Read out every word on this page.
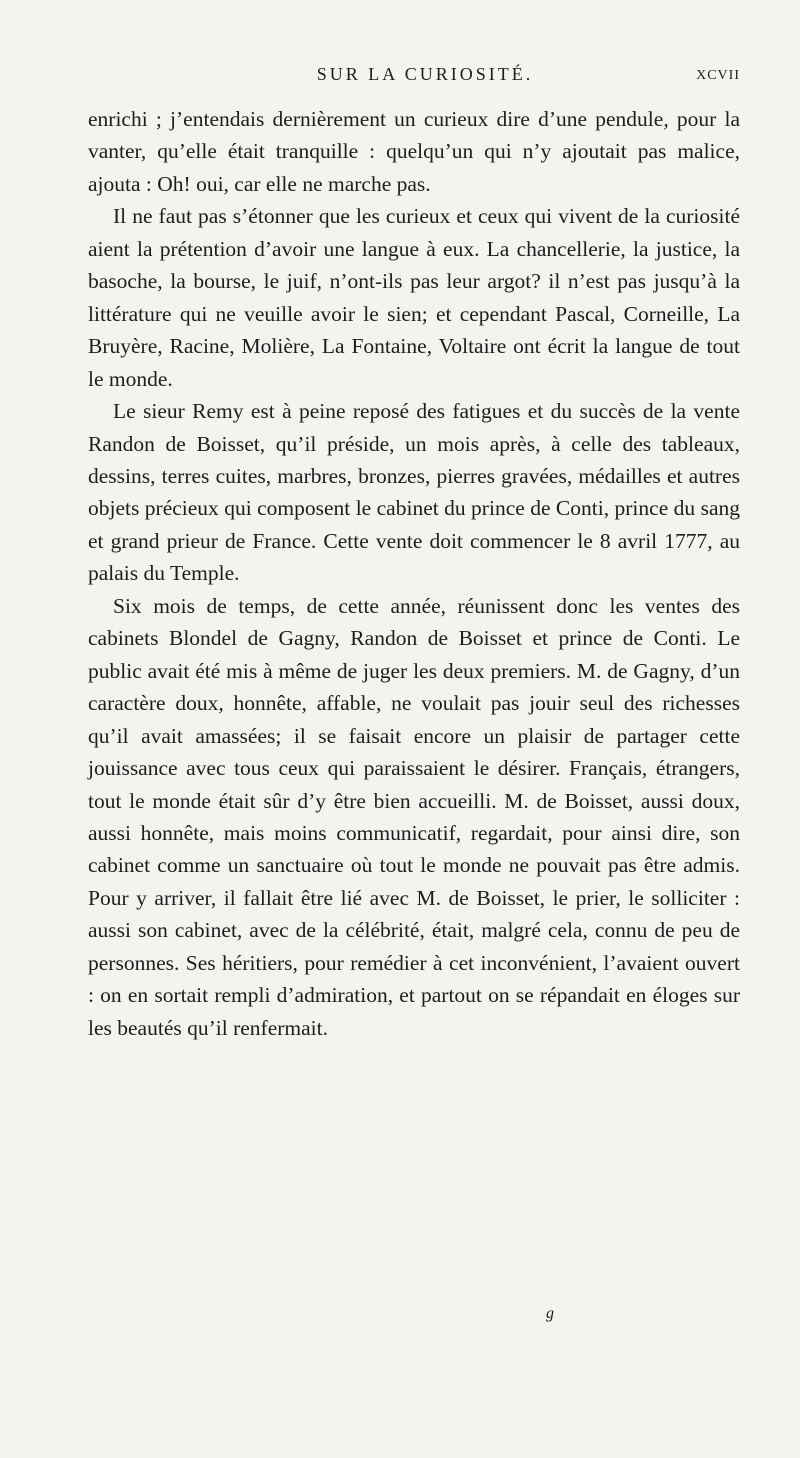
SUR LA CURIOSITÉ.	XCVII

enrichi ; j’entendais dernièrement un curieux dire d’une pendule, pour la vanter, qu’elle était tranquille : quelqu’un qui n’y ajoutait pas malice, ajouta : Oh! oui, car elle ne marche pas.

Il ne faut pas s’étonner que les curieux et ceux qui vivent de la curiosité aient la prétention d’avoir une langue à eux. La chancellerie, la justice, la basoche, la bourse, le juif, n’ont-ils pas leur argot? il n’est pas jusqu’à la littérature qui ne veuille avoir le sien; et cependant Pascal, Corneille, La Bruyère, Racine, Molière, La Fontaine, Voltaire ont écrit la langue de tout le monde.

Le sieur Remy est à peine reposé des fatigues et du succès de la vente Randon de Boisset, qu’il préside, un mois après, à celle des tableaux, dessins, terres cuites, marbres, bronzes, pierres gravées, médailles et autres objets précieux qui composent le cabinet du prince de Conti, prince du sang et grand prieur de France. Cette vente doit commencer le 8 avril 1777, au palais du Temple.

Six mois de temps, de cette année, réunissent donc les ventes des cabinets Blondel de Gagny, Randon de Boisset et prince de Conti. Le public avait été mis à même de juger les deux premiers. M. de Gagny, d’un caractère doux, honnête, affable, ne voulait pas jouir seul des richesses qu’il avait amassées; il se faisait encore un plaisir de partager cette jouissance avec tous ceux qui paraissaient le désirer. Français, étrangers, tout le monde était sûr d’y être bien accueilli. M. de Boisset, aussi doux, aussi honnête, mais moins communicatif, regardait, pour ainsi dire, son cabinet comme un sanctuaire où tout le monde ne pouvait pas être admis. Pour y arriver, il fallait être lié avec M. de Boisset, le prier, le solliciter : aussi son cabinet, avec de la célébrité, était, malgré cela, connu de peu de personnes. Ses héritiers, pour remédier à cet inconvénient, l’avaient ouvert : on en sortait rempli d’admiration, et partout on se répandait en éloges sur les beautés qu’il renfermait.

g
